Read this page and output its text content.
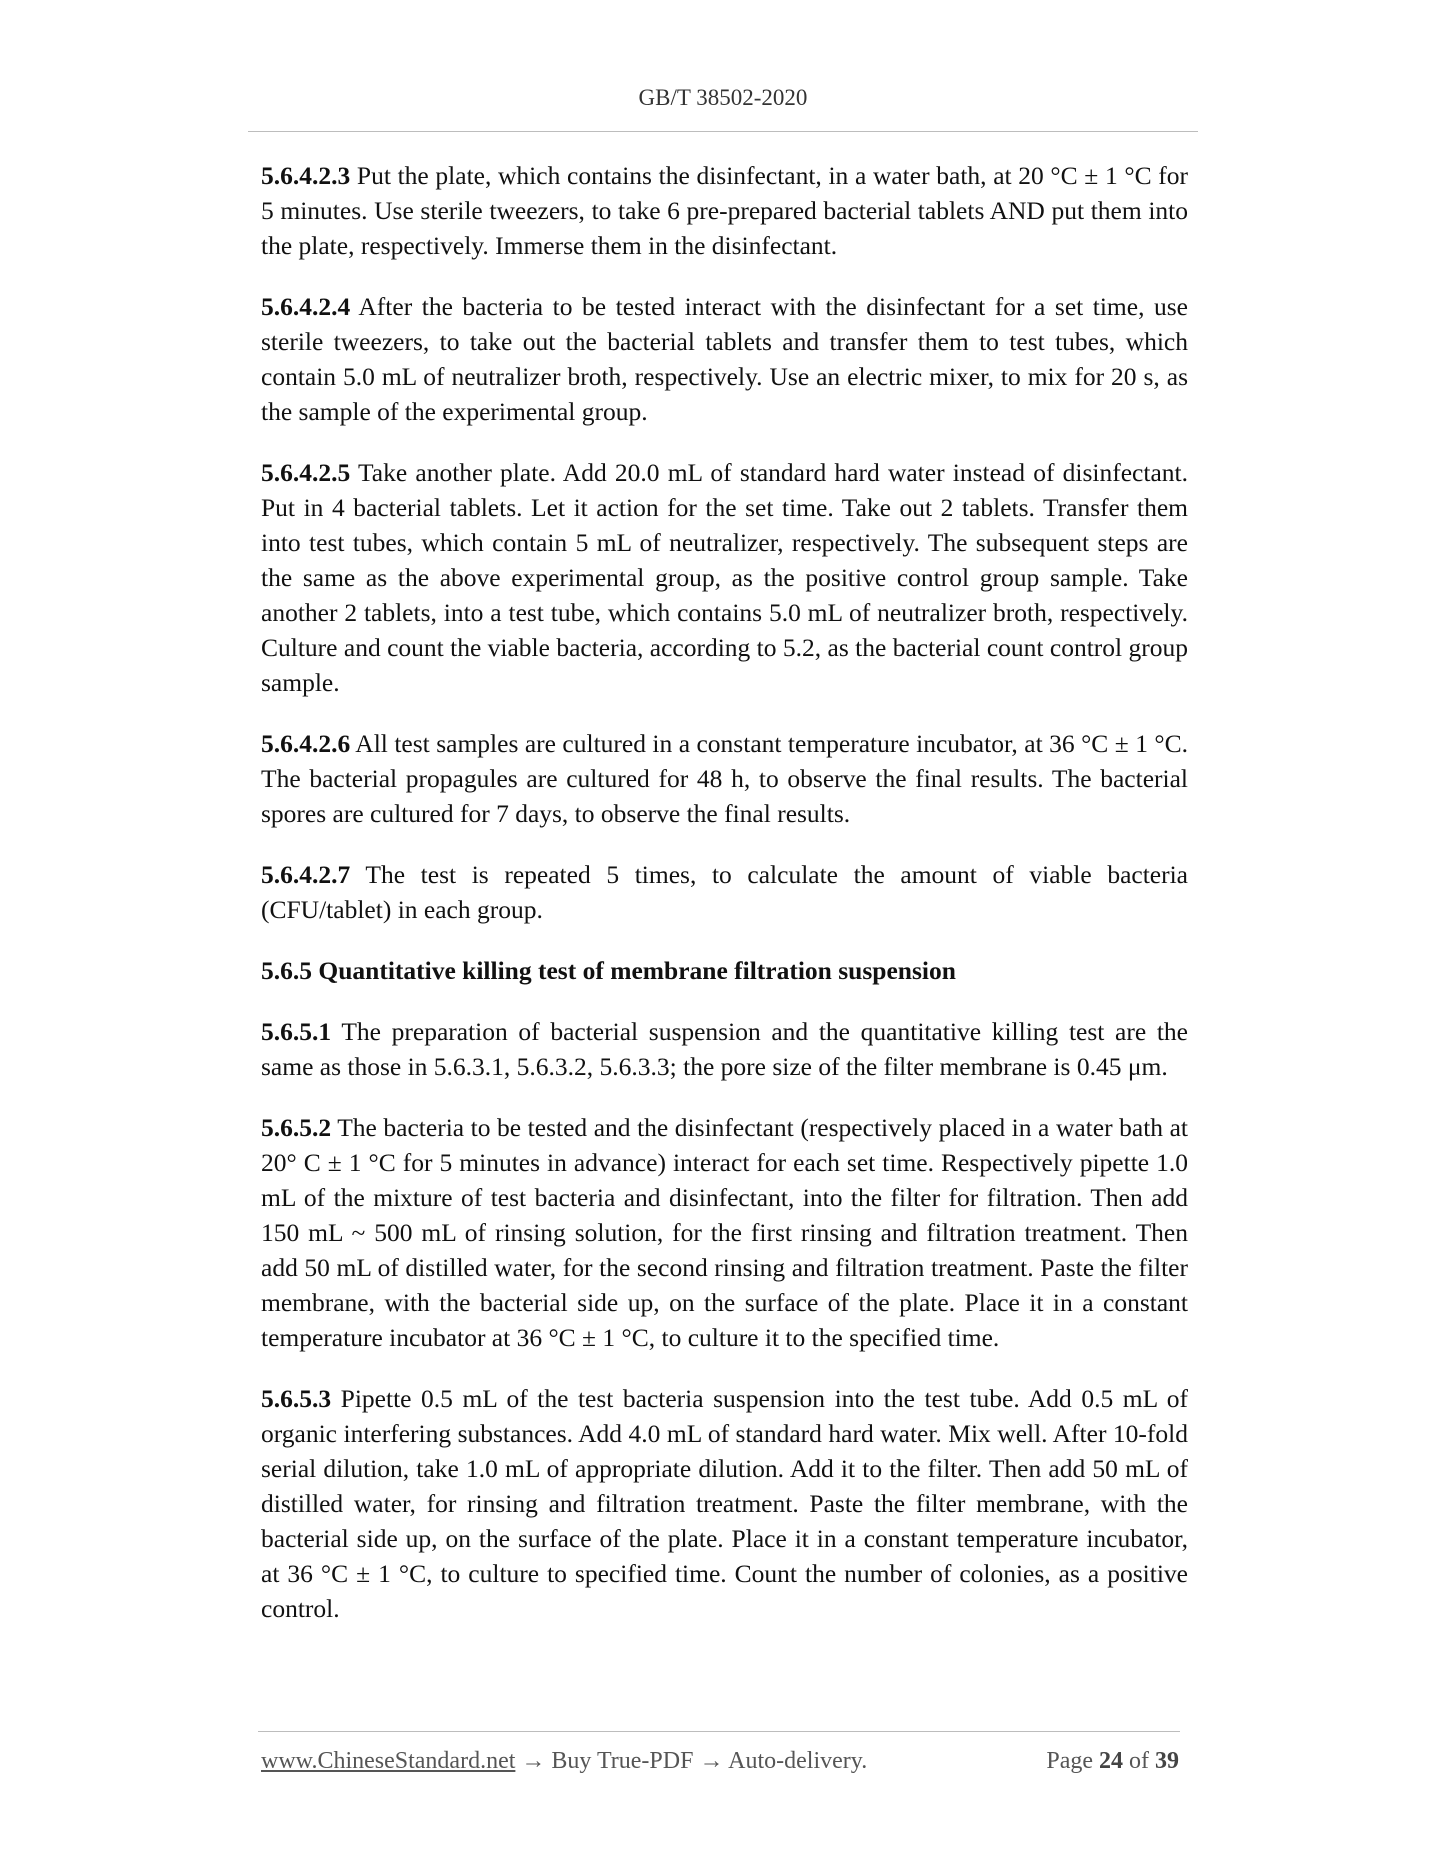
GB/T 38502-2020

5.6.4.2.3 Put the plate, which contains the disinfectant, in a water bath, at 20 °C ± 1 °C for 5 minutes. Use sterile tweezers, to take 6 pre-prepared bacterial tablets AND put them into the plate, respectively. Immerse them in the disinfectant.

5.6.4.2.4 After the bacteria to be tested interact with the disinfectant for a set time, use sterile tweezers, to take out the bacterial tablets and transfer them to test tubes, which contain 5.0 mL of neutralizer broth, respectively. Use an electric mixer, to mix for 20 s, as the sample of the experimental group.

5.6.4.2.5 Take another plate. Add 20.0 mL of standard hard water instead of disinfectant. Put in 4 bacterial tablets. Let it action for the set time. Take out 2 tablets. Transfer them into test tubes, which contain 5 mL of neutralizer, respectively. The subsequent steps are the same as the above experimental group, as the positive control group sample. Take another 2 tablets, into a test tube, which contains 5.0 mL of neutralizer broth, respectively. Culture and count the viable bacteria, according to 5.2, as the bacterial count control group sample.

5.6.4.2.6 All test samples are cultured in a constant temperature incubator, at 36 °C ± 1 °C. The bacterial propagules are cultured for 48 h, to observe the final results. The bacterial spores are cultured for 7 days, to observe the final results.

5.6.4.2.7 The test is repeated 5 times, to calculate the amount of viable bacteria (CFU/tablet) in each group.

5.6.5 Quantitative killing test of membrane filtration suspension

5.6.5.1 The preparation of bacterial suspension and the quantitative killing test are the same as those in 5.6.3.1, 5.6.3.2, 5.6.3.3; the pore size of the filter membrane is 0.45 μm.

5.6.5.2 The bacteria to be tested and the disinfectant (respectively placed in a water bath at 20° C ± 1 °C for 5 minutes in advance) interact for each set time. Respectively pipette 1.0 mL of the mixture of test bacteria and disinfectant, into the filter for filtration. Then add 150 mL ~ 500 mL of rinsing solution, for the first rinsing and filtration treatment. Then add 50 mL of distilled water, for the second rinsing and filtration treatment. Paste the filter membrane, with the bacterial side up, on the surface of the plate. Place it in a constant temperature incubator at 36 °C ± 1 °C, to culture it to the specified time.

5.6.5.3 Pipette 0.5 mL of the test bacteria suspension into the test tube. Add 0.5 mL of organic interfering substances. Add 4.0 mL of standard hard water. Mix well. After 10-fold serial dilution, take 1.0 mL of appropriate dilution. Add it to the filter. Then add 50 mL of distilled water, for rinsing and filtration treatment. Paste the filter membrane, with the bacterial side up, on the surface of the plate. Place it in a constant temperature incubator, at 36 °C ± 1 °C, to culture to specified time. Count the number of colonies, as a positive control.

www.ChineseStandard.net → Buy True-PDF → Auto-delivery.	Page 24 of 39
